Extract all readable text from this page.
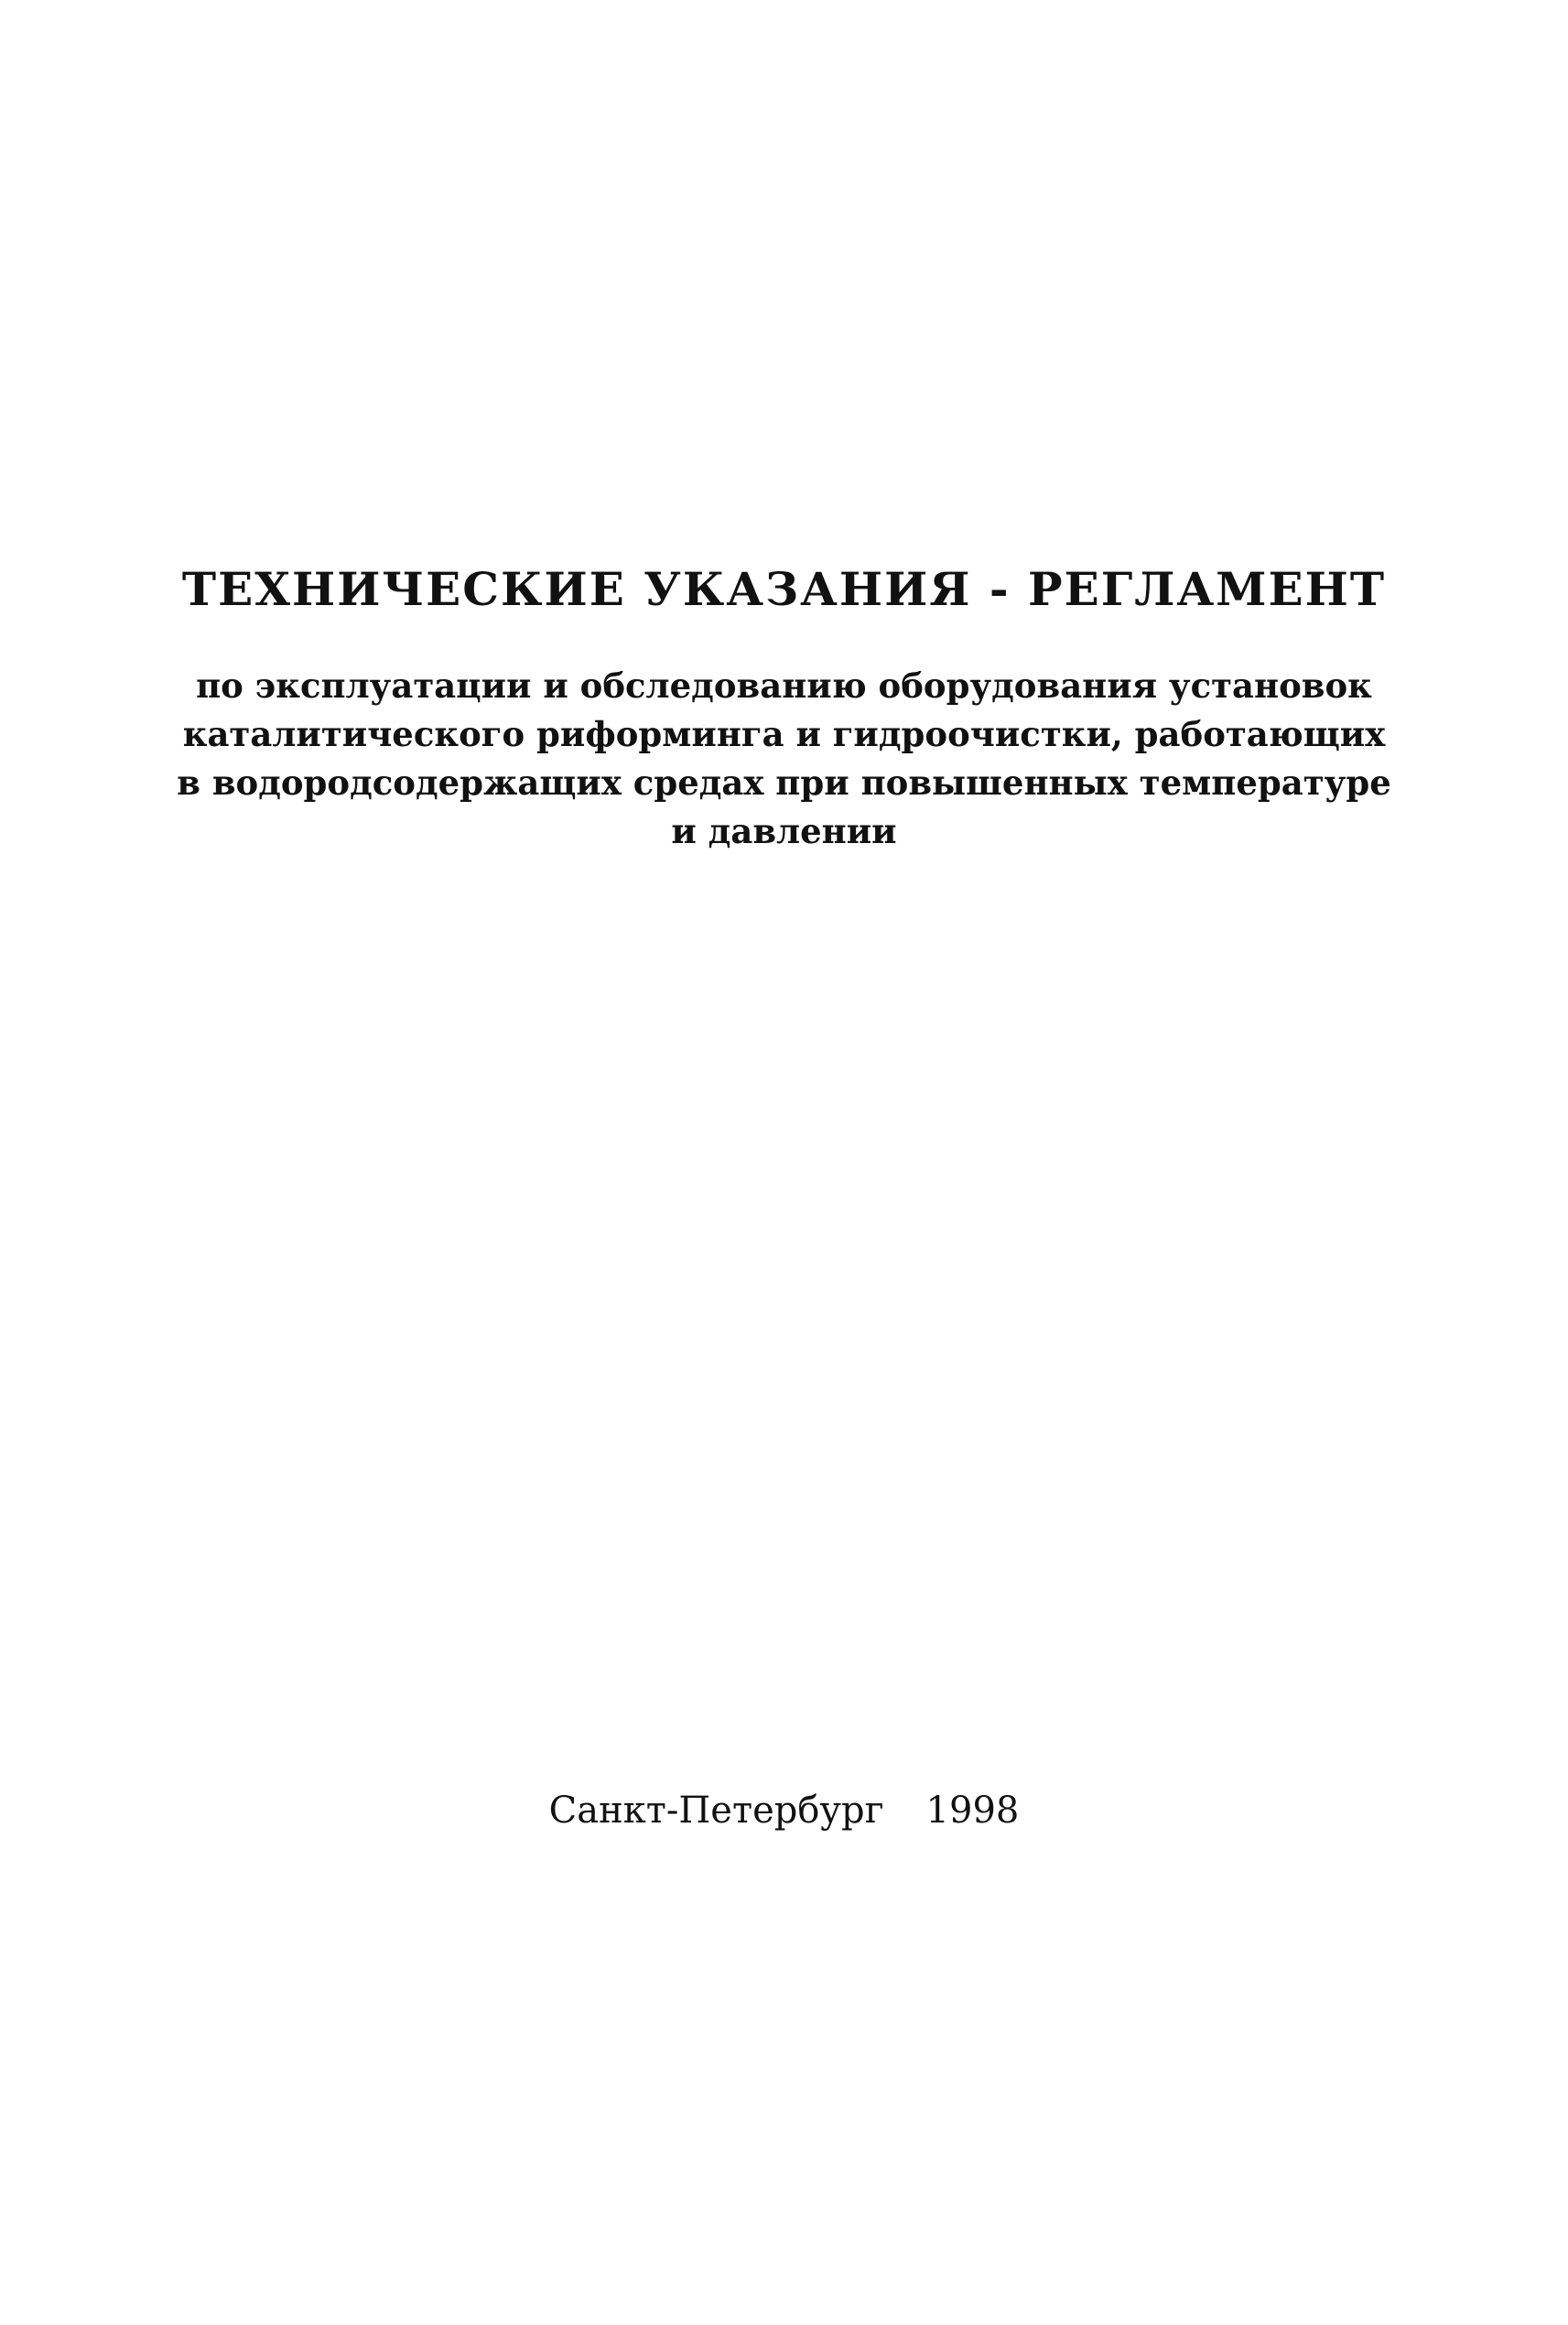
ТЕХНИЧЕСКИЕ УКАЗАНИЯ - РЕГЛАМЕНТ
по эксплуатации и обследованию оборудования установок
каталитического риформинга и гидроочистки, работающих
в водородсодержащих средах при повышенных температуре
и давлении
Санкт-Петербург 1998
